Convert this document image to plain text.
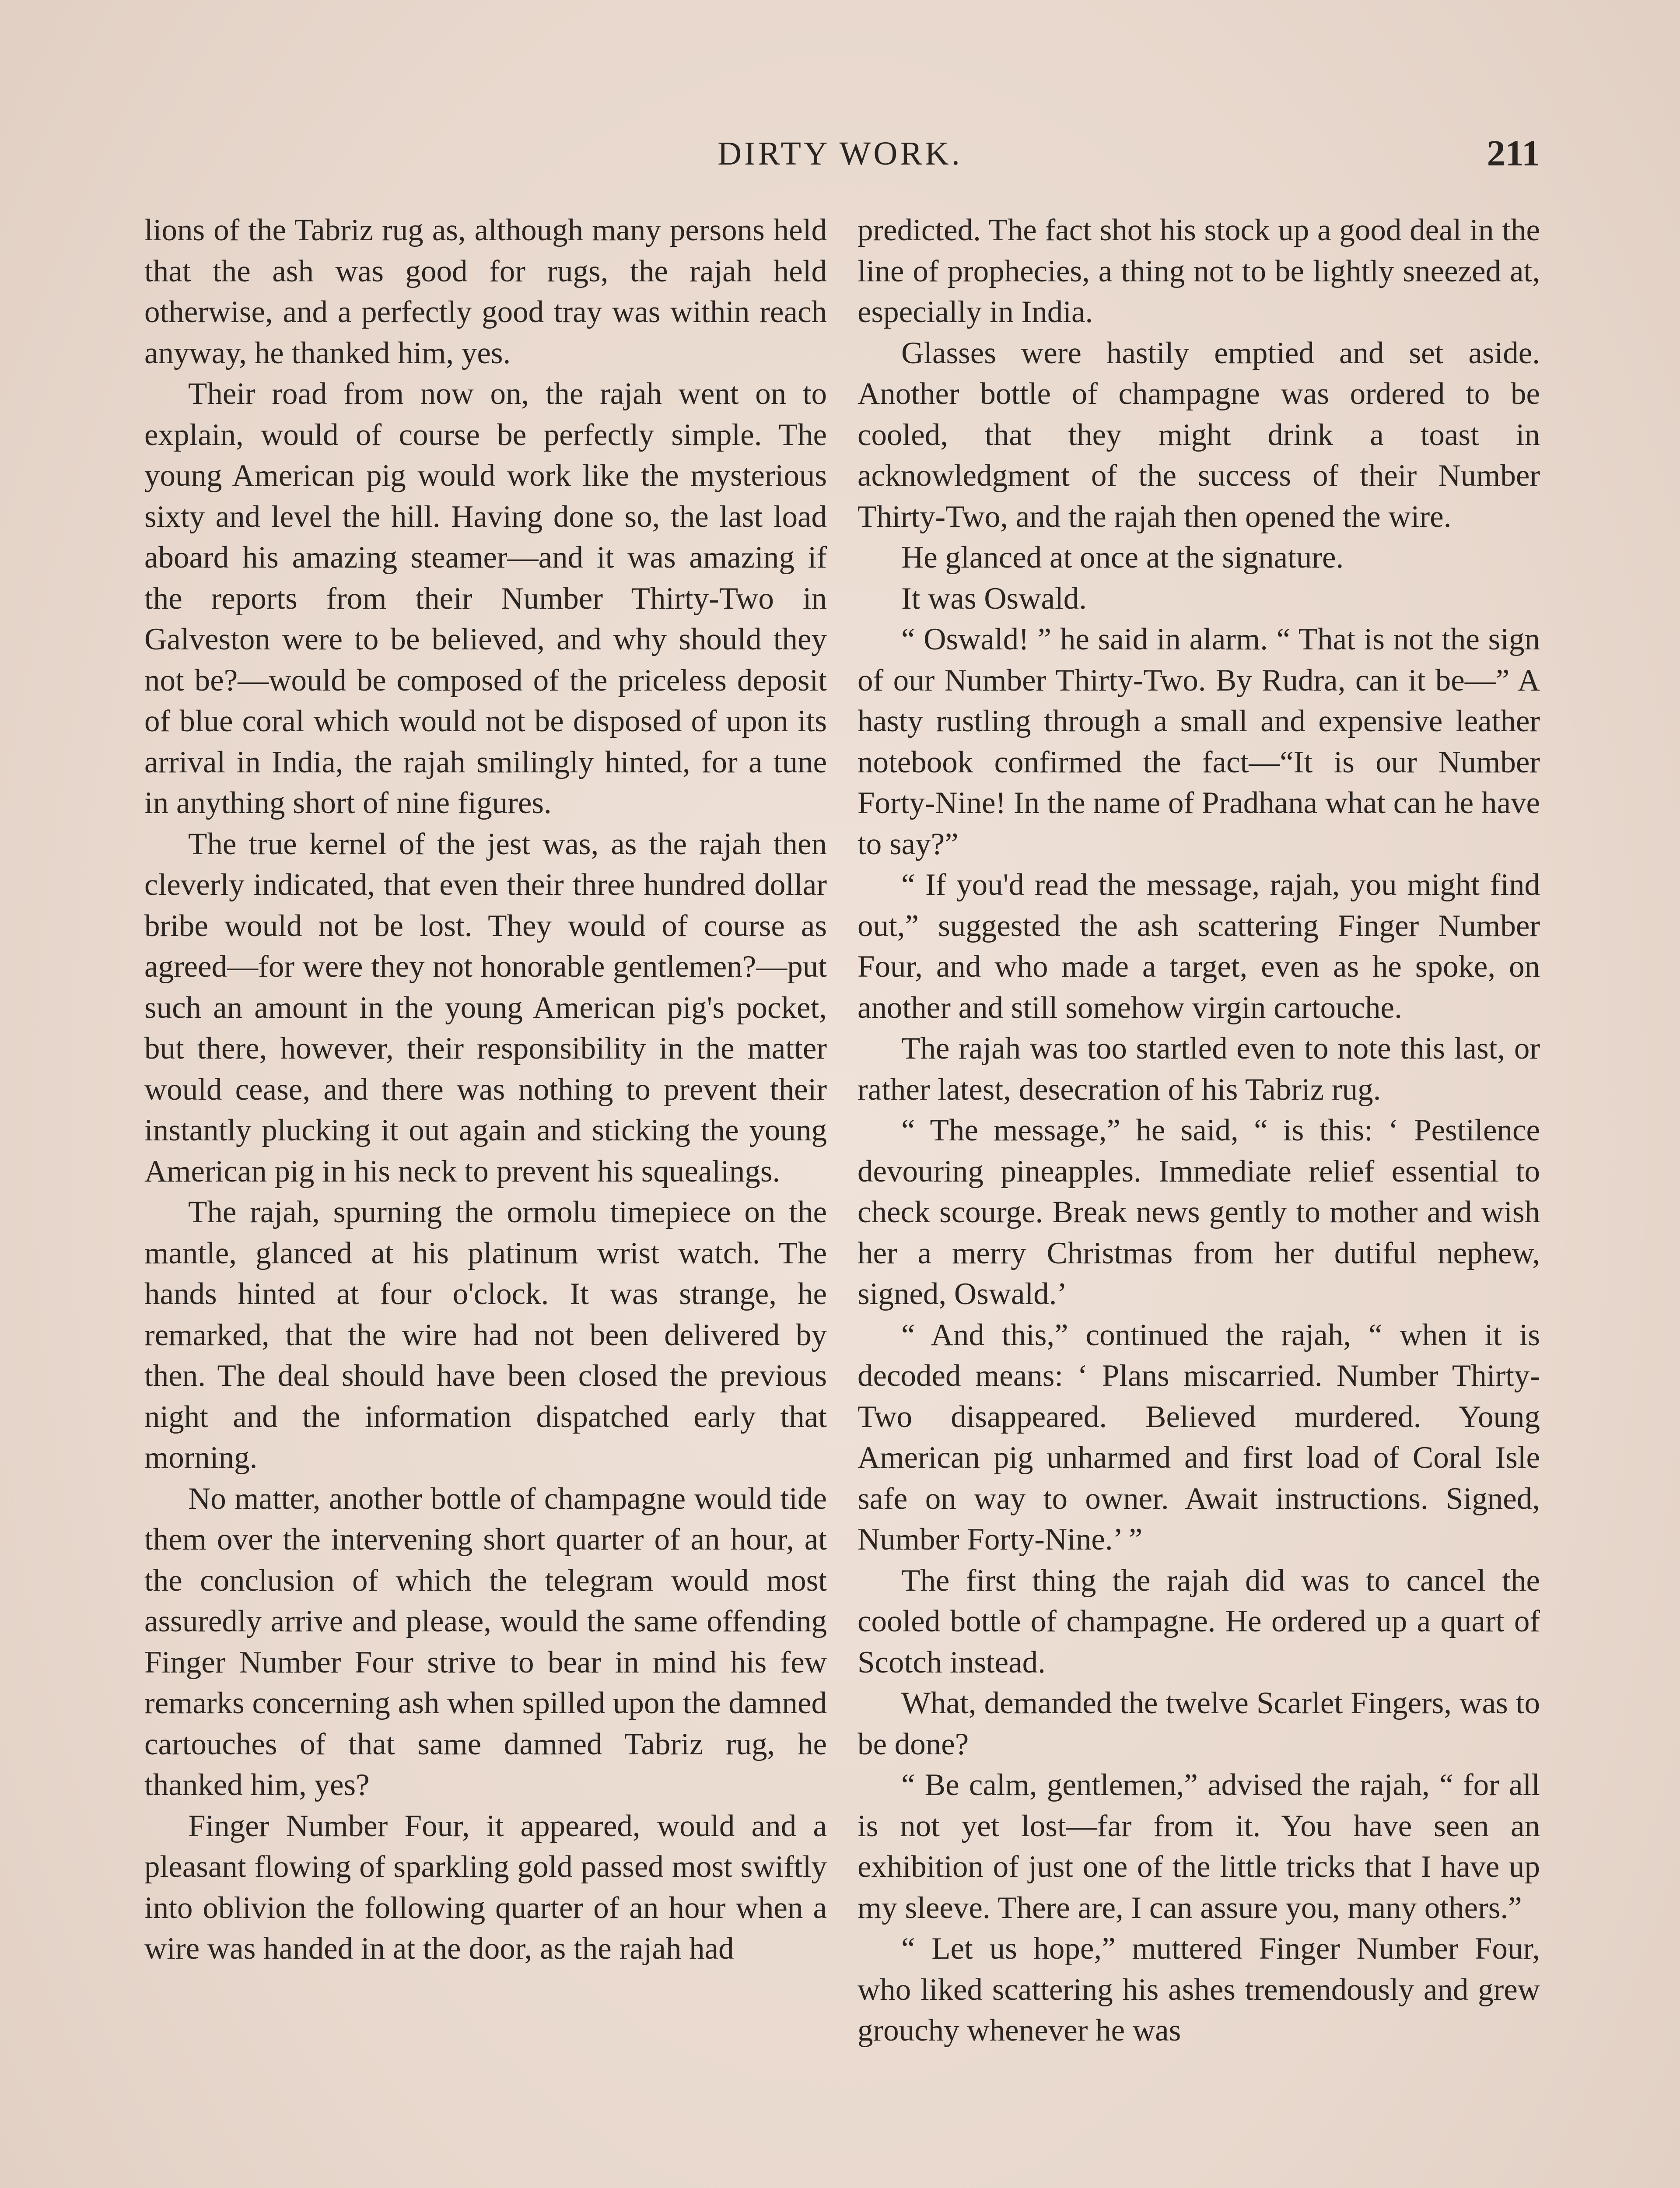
DIRTY WORK.	211

lions of the Tabriz rug as, although many persons held that the ash was good for rugs, the rajah held otherwise, and a perfectly good tray was within reach anyway, he thanked him, yes.

Their road from now on, the rajah went on to explain, would of course be perfectly simple. The young American pig would work like the mysterious sixty and level the hill. Having done so, the last load aboard his amazing steamer—and it was amazing if the reports from their Number Thirty-Two in Galveston were to be believed, and why should they not be?—would be composed of the priceless deposit of blue coral which would not be disposed of upon its arrival in India, the rajah smilingly hinted, for a tune in anything short of nine figures.

The true kernel of the jest was, as the rajah then cleverly indicated, that even their three hundred dollar bribe would not be lost. They would of course as agreed—for were they not honorable gentlemen?—put such an amount in the young American pig's pocket, but there, however, their responsibility in the matter would cease, and there was nothing to prevent their instantly plucking it out again and sticking the young American pig in his neck to prevent his squealings.

The rajah, spurning the ormolu timepiece on the mantle, glanced at his platinum wrist watch. The hands hinted at four o'clock. It was strange, he remarked, that the wire had not been delivered by then. The deal should have been closed the previous night and the information dispatched early that morning.

No matter, another bottle of champagne would tide them over the intervening short quarter of an hour, at the conclusion of which the telegram would most assuredly arrive and please, would the same offending Finger Number Four strive to bear in mind his few remarks concerning ash when spilled upon the damned cartouches of that same damned Tabriz rug, he thanked him, yes?

Finger Number Four, it appeared, would and a pleasant flowing of sparkling gold passed most swiftly into oblivion the following quarter of an hour when a wire was handed in at the door, as the rajah had

predicted. The fact shot his stock up a good deal in the line of prophecies, a thing not to be lightly sneezed at, especially in India.

Glasses were hastily emptied and set aside. Another bottle of champagne was ordered to be cooled, that they might drink a toast in acknowledgment of the success of their Number Thirty-Two, and the rajah then opened the wire.

He glanced at once at the signature.

It was Oswald.

“ Oswald! ” he said in alarm. “ That is not the sign of our Number Thirty-Two. By Rudra, can it be—” A hasty rustling through a small and expensive leather notebook confirmed the fact—“It is our Number Forty-Nine! In the name of Pradhana what can he have to say?”

“ If you'd read the message, rajah, you might find out,” suggested the ash scattering Finger Number Four, and who made a target, even as he spoke, on another and still somehow virgin cartouche.

The rajah was too startled even to note this last, or rather latest, desecration of his Tabriz rug.

“ The message,” he said, “ is this: ‘ Pestilence devouring pineapples. Immediate relief essential to check scourge. Break news gently to mother and wish her a merry Christmas from her dutiful nephew, signed, Oswald.’

“ And this,” continued the rajah, “ when it is decoded means: ‘ Plans miscarried. Number Thirty-Two disappeared. Believed murdered. Young American pig unharmed and first load of Coral Isle safe on way to owner. Await instructions. Signed, Number Forty-Nine.’ ”

The first thing the rajah did was to cancel the cooled bottle of champagne. He ordered up a quart of Scotch instead.

What, demanded the twelve Scarlet Fingers, was to be done?

“ Be calm, gentlemen,” advised the rajah, “ for all is not yet lost—far from it. You have seen an exhibition of just one of the little tricks that I have up my sleeve. There are, I can assure you, many others.”

“ Let us hope,” muttered Finger Number Four, who liked scattering his ashes tremendously and grew grouchy whenever he was
